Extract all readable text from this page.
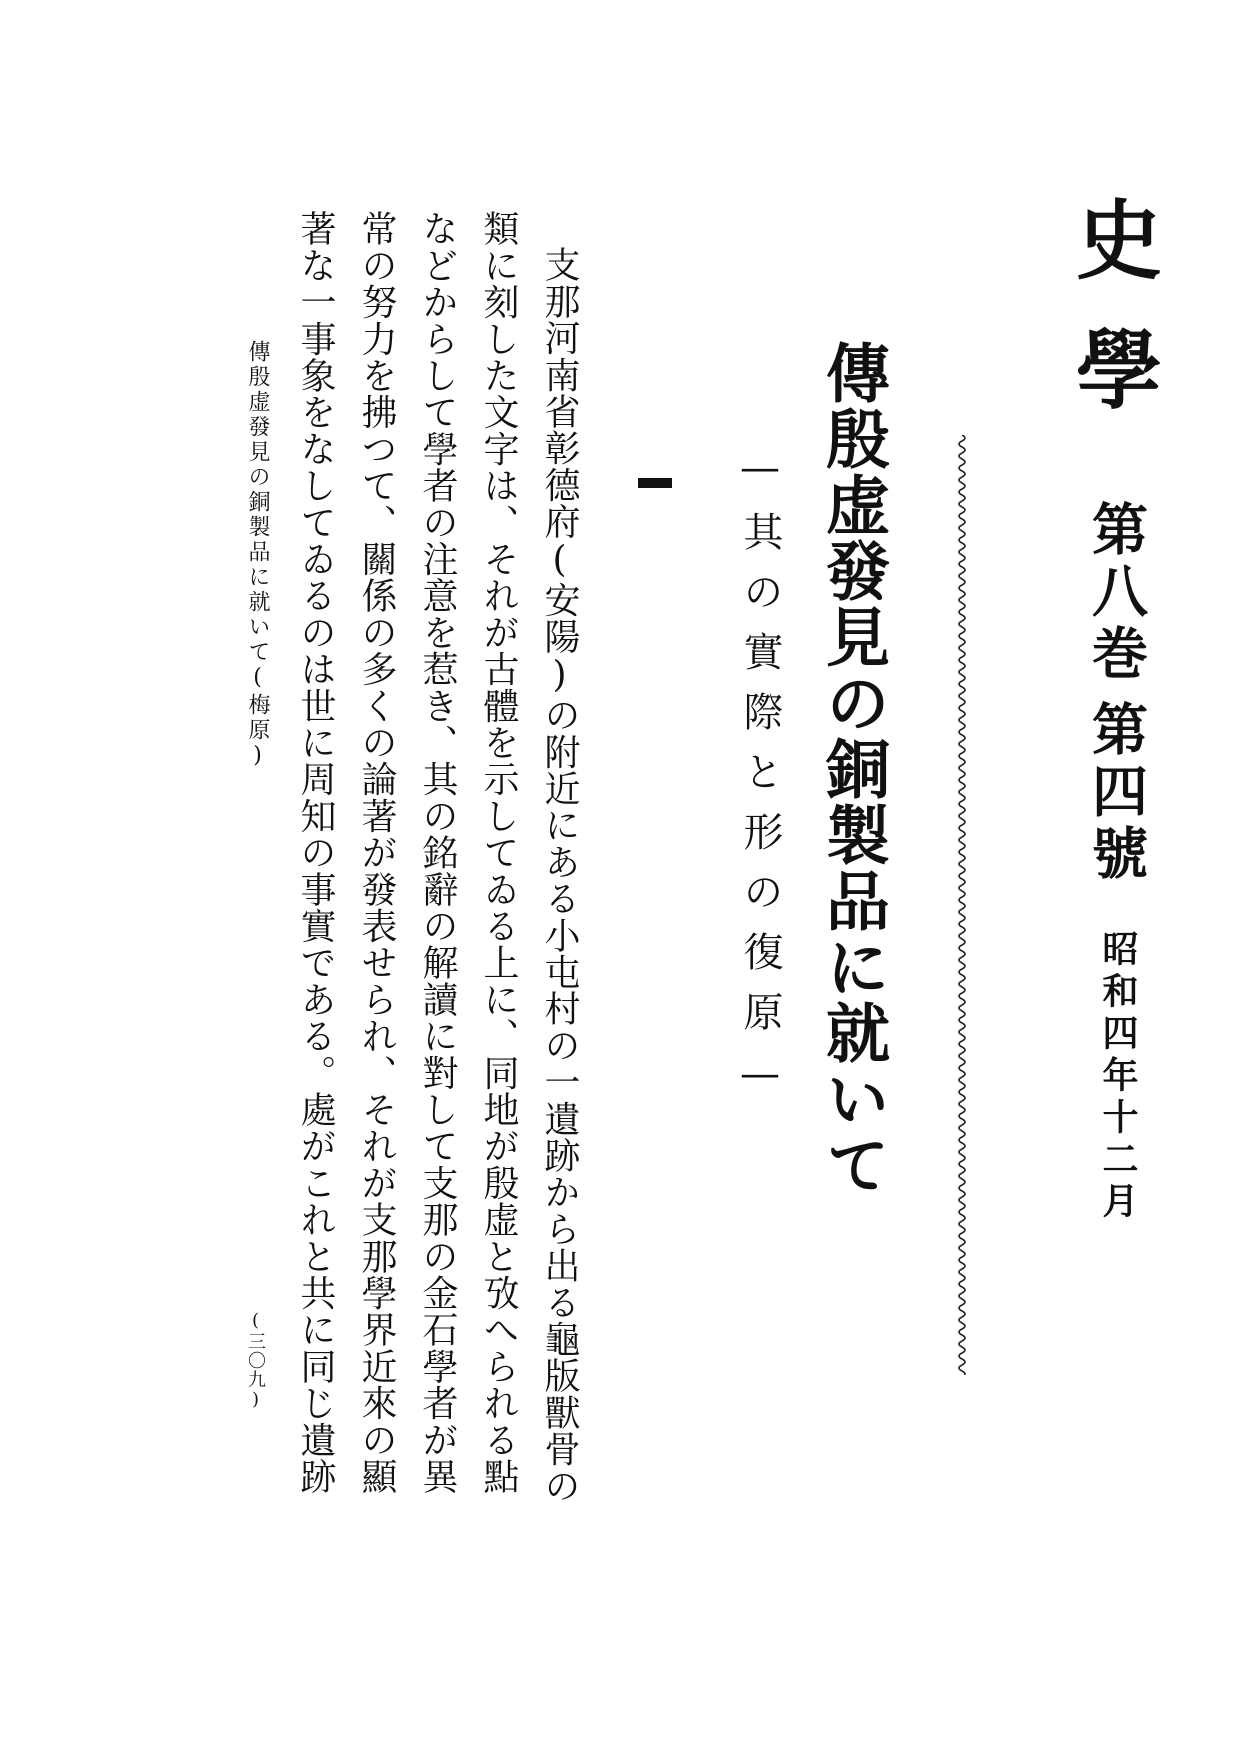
史學
第八巻
第四號
昭和四年十二月
傳殷虚發見の銅製品に就いて
—其の實際と形の復原—

支那河南省彰德府(安陽)の附近にある小屯村の一遺跡から出る龜版獸骨の類に刻した文字は、それが古體を示してゐる上に、同地が殷虚と攷へられる點などからして學者の注意を惹き、其の銘辭の解讀に對して支那の金石學者が異常の努力を拂つて、關係の多くの論著が發表せられ、それが支那學界近來の顯著な一事象をなしてゐるのは世に周知の事實である。處がこれと共に同じ遺跡

傳殷虚發見の銅製品に就いて(梅原)
(三〇九)
